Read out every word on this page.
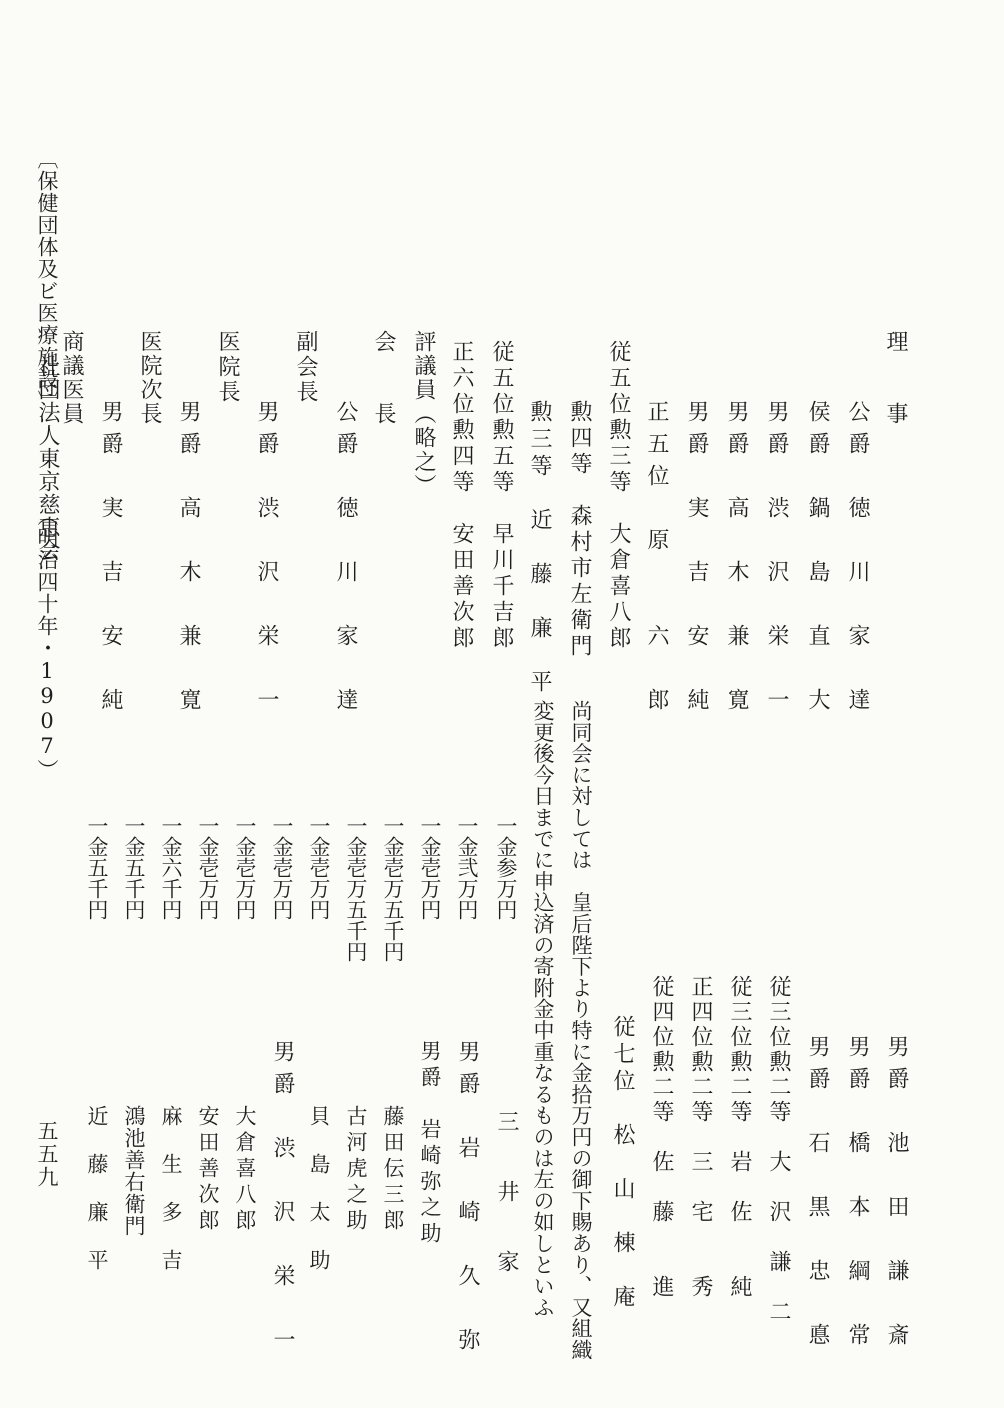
理　事
公爵　徳　川　家　達
侯爵　鍋　島　直　大
男爵　渋　沢　栄　一
男爵　高　木　兼　寛
男爵　実　吉　安　純
正五位　原　　六　郎
従五位勲三等　大倉喜八郎
勲四等　森村市左衛門
勲三等　近　藤　廉　平
従五位勲五等　早川千吉郎
正六位勲四等　安田善次郎
評議員（略之）
会　長
公爵　徳　川　家　達
副会長
男爵　渋　沢　栄　一
医院長
男爵　高　木　兼　寛
医院次長
男爵　実　吉　安　純
商議医員
男爵　池　田　謙　斎
男爵　橋　本　綱　常
男爵　石　黒　忠　悳
従三位勲二等　大　沢　謙　二
従三位勲二等　岩　佐　　純
正四位勲二等　三　宅　　秀
従四位勲二等　佐　藤　　進
従七位　松　山　棟　庵
尚同会に対しては　皇后陛下より特に金拾万円の御下賜あり、又組織
変更後今日までに申込済の寄附金中重なるものは左の如しといふ
一金参万円
一金弐万円
一金壱万円
一金壱万五千円
一金壱万五千円
一金壱万円
一金壱万円
一金壱万円
一金壱万円
一金六千円
一金五千円
一金五千円
三　井　家
男爵　岩　崎　久　弥
男爵　岩崎弥之助
藤田伝三郎
古河虎之助
貝　島　太　助
男爵　渋　沢　栄　一
大倉喜八郎
安田善次郎
麻　生　多　吉
鴻池善右衛門
近　藤　廉　平
〔保健団体及ビ医療施設〕
社団法人東京慈恵会
（明治四十年・1907）
五五九
